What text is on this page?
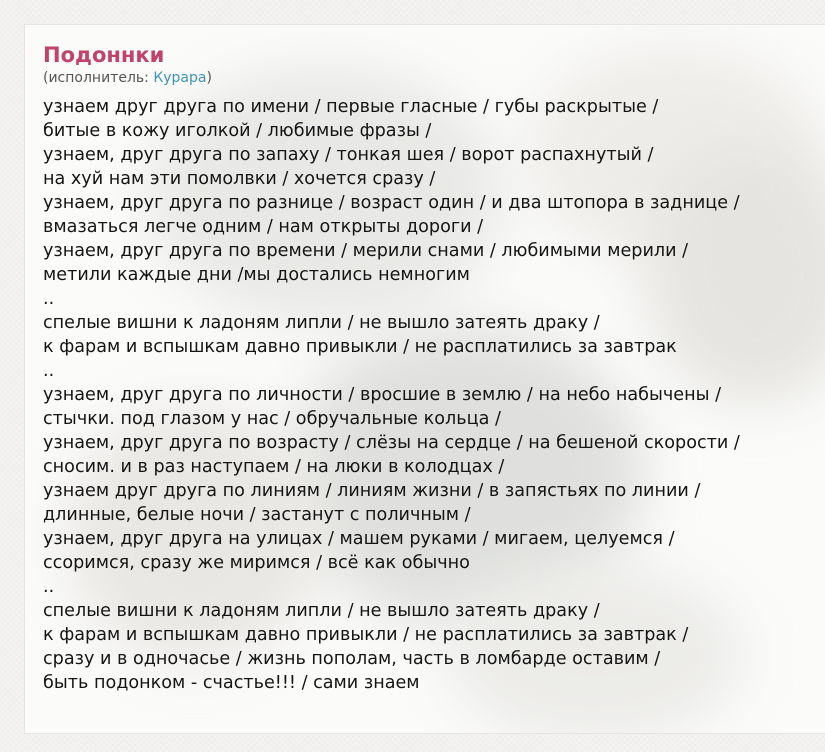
Подоннки

(исполнитель: Курара)

узнаем друг друга по имени / первые гласные / губы раскрытые /
битые в кожу иголкой / любимые фразы /
узнаем, друг друга по запаху / тонкая шея / ворот распахнутый /
на хуй нам эти помолвки / хочется сразу /
узнаем, друг друга по разнице / возраст один / и два штопора в заднице /
вмазаться легче одним / нам открыты дороги /
узнаем, друг друга по времени / мерили снами / любимыми мерили /
метили каждые дни /мы достались немногим
..
спелые вишни к ладоням липли / не вышло затеять драку /
к фарам и вспышкам давно привыкли / не расплатились за завтрак
..
узнаем, друг друга по личности / вросшие в землю / на небо набычены /
стычки. под глазом у нас / обручальные кольца /
узнаем, друг друга по возрасту / слёзы на сердце / на бешеной скорости /
сносим. и в раз наступаем / на люки в колодцах /
узнаем друг друга по линиям / линиям жизни / в запястьях по линии /
длинные, белые ночи / застанут с поличным /
узнаем, друг друга на улицах / машем руками / мигаем, целуемся /
ссоримся, сразу же миримся / всё как обычно
..
спелые вишни к ладоням липли / не вышло затеять драку /
к фарам и вспышкам давно привыкли / не расплатились за завтрак /
сразу и в одночасье / жизнь пополам, часть в ломбарде оставим /
быть подонком - счастье!!! / сами знаем
